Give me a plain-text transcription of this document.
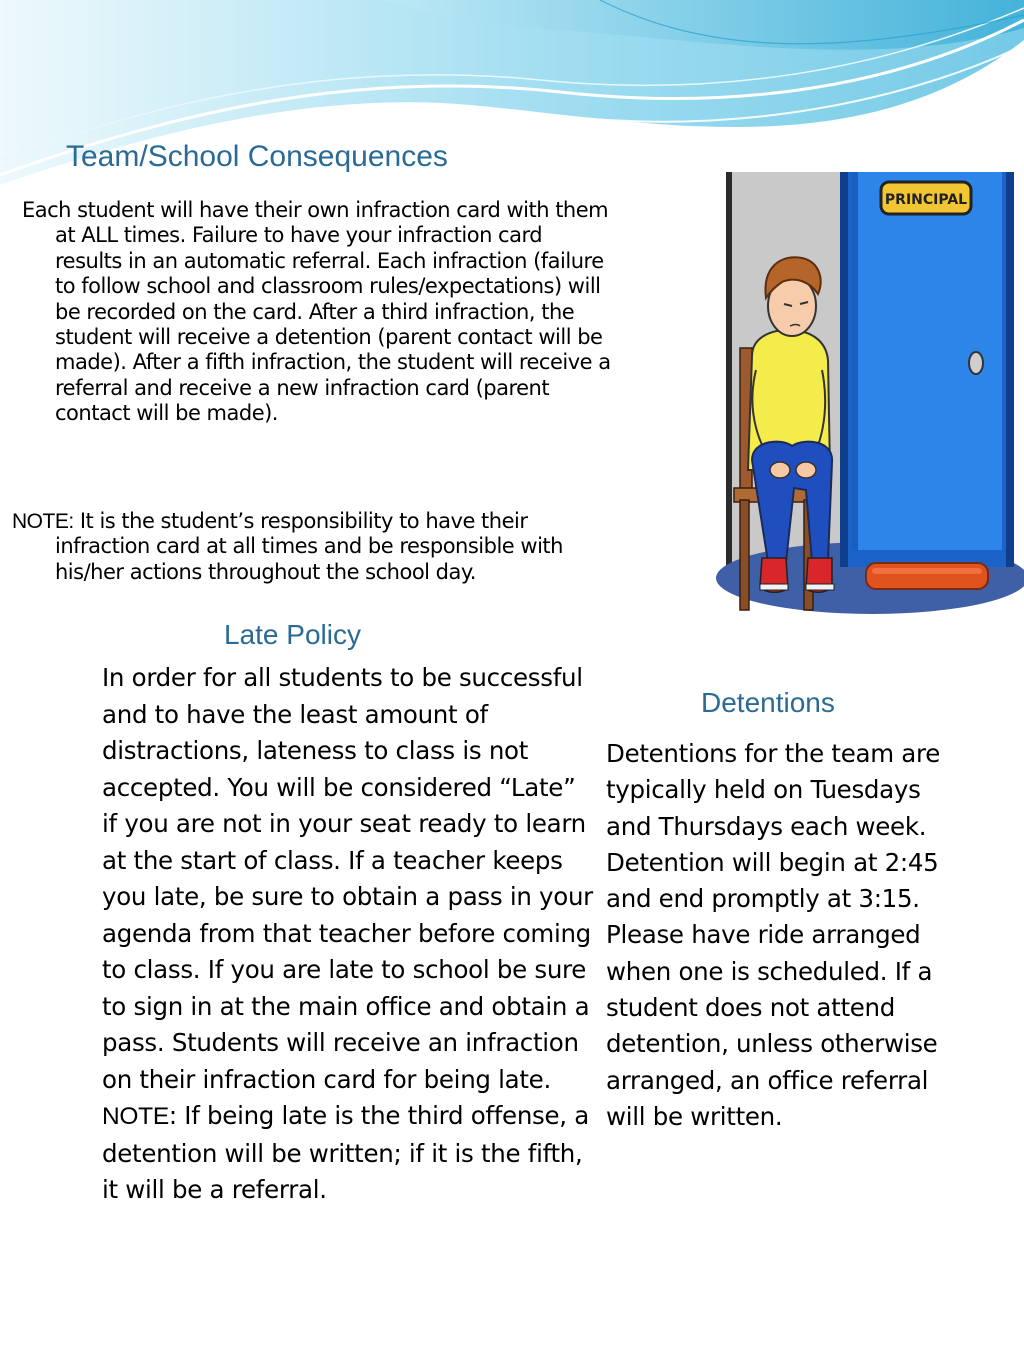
Team/School Consequences

Each student will have their own infraction card with them at ALL times. Failure to have your infraction card results in an automatic referral. Each infraction (failure to follow school and classroom rules/expectations) will be recorded on the card. After a third infraction, the student will receive a detention (parent contact will be made). After a fifth infraction, the student will receive a referral and receive a new infraction card (parent contact will be made).

NOTE: It is the student’s responsibility to have their infraction card at all times and be responsible with his/her actions throughout the school day.

PRINCIPAL
Late Policy

In order for all students to be successful and to have the least amount of distractions, lateness to class is not accepted. You will be considered “Late” if you are not in your seat ready to learn at the start of class. If a teacher keeps you late, be sure to obtain a pass in your agenda from that teacher before coming to class. If you are late to school be sure to sign in at the main office and obtain a pass. Students will receive an infraction on their infraction card for being late. NOTE: If being late is the third offense, a detention will be written; if it is the fifth, it will be a referral.

Detentions

Detentions for the team are typically held on Tuesdays and Thursdays each week. Detention will begin at 2:45 and end promptly at 3:15. Please have ride arranged when one is scheduled. If a student does not attend detention, unless otherwise arranged, an office referral will be written.
